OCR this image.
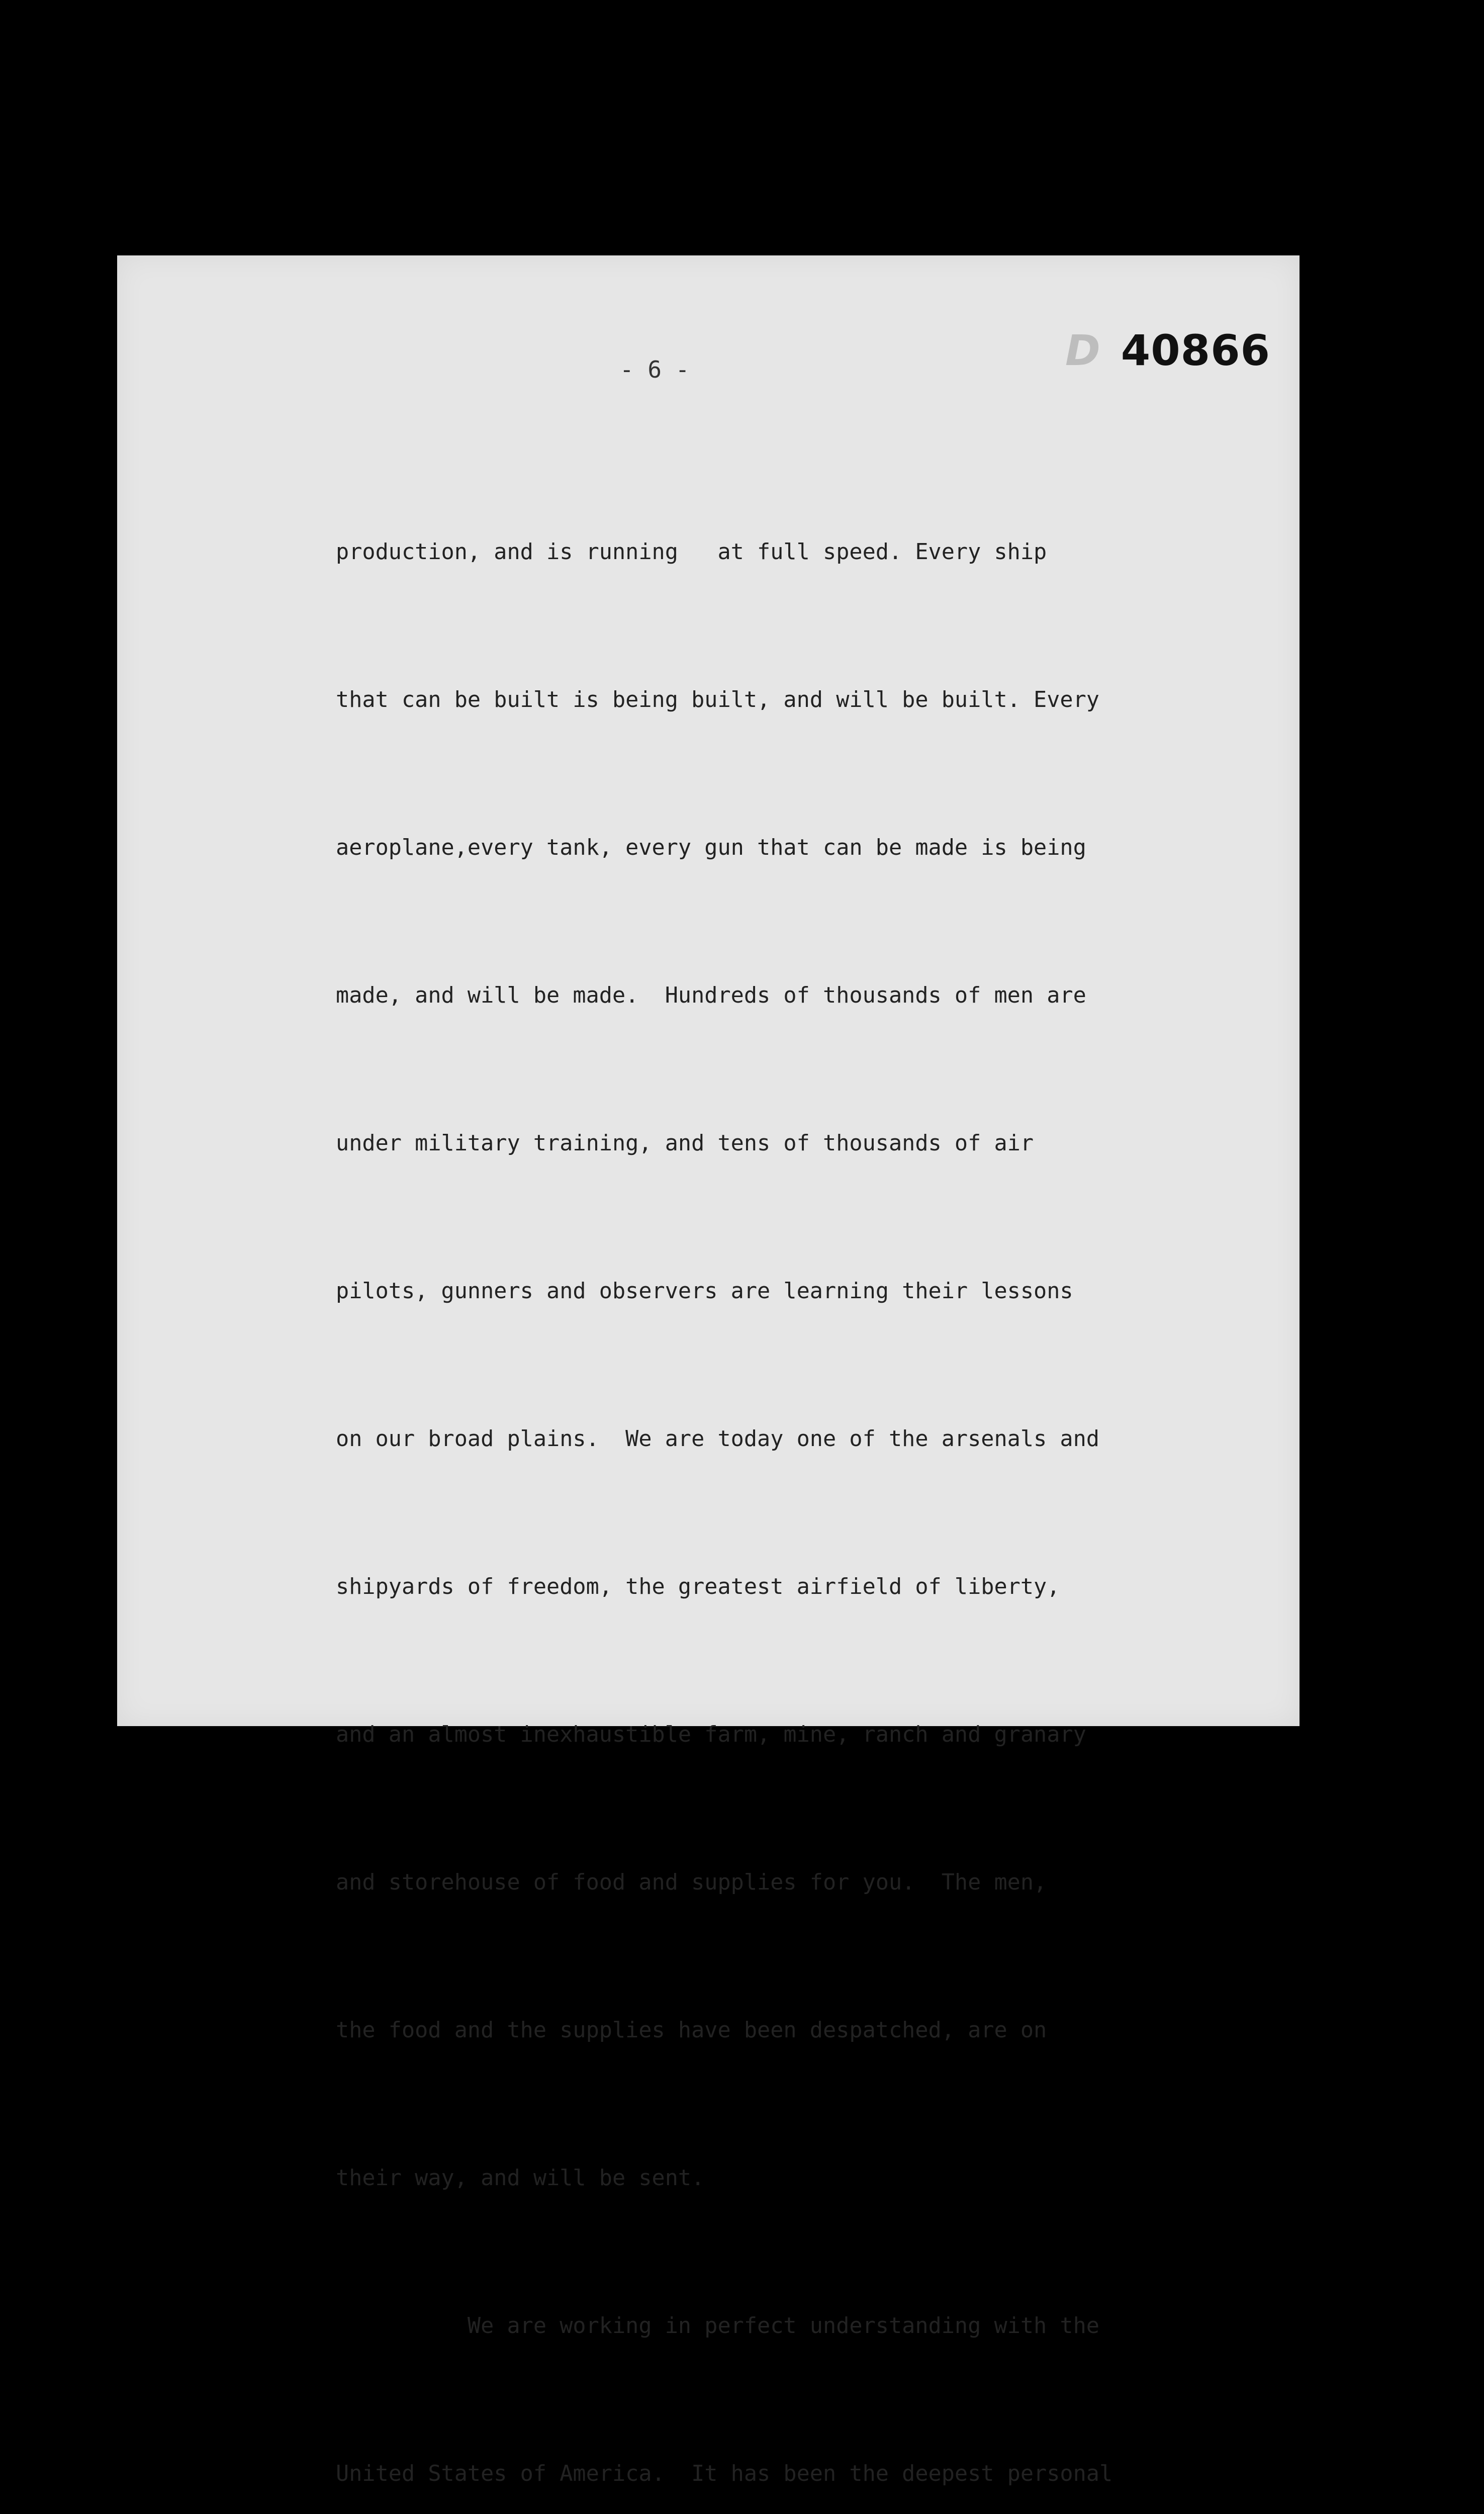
D 40866
- 6 -

production, and is running   at full speed. Every ship

that can be built is being built, and will be built. Every

aeroplane,every tank, every gun that can be made is being

made, and will be made.  Hundreds of thousands of men are

under military training, and tens of thousands of air

pilots, gunners and observers are learning their lessons

on our broad plains.  We are today one of the arsenals and

shipyards of freedom, the greatest airfield of liberty,

and an almost inexhaustible farm, mine, ranch and granary

and storehouse of food and supplies for you.  The men,

the food and the supplies have been despatched, are on

their way, and will be sent.

We are working in perfect understanding with the

United States of America.  It has been the deepest personal
